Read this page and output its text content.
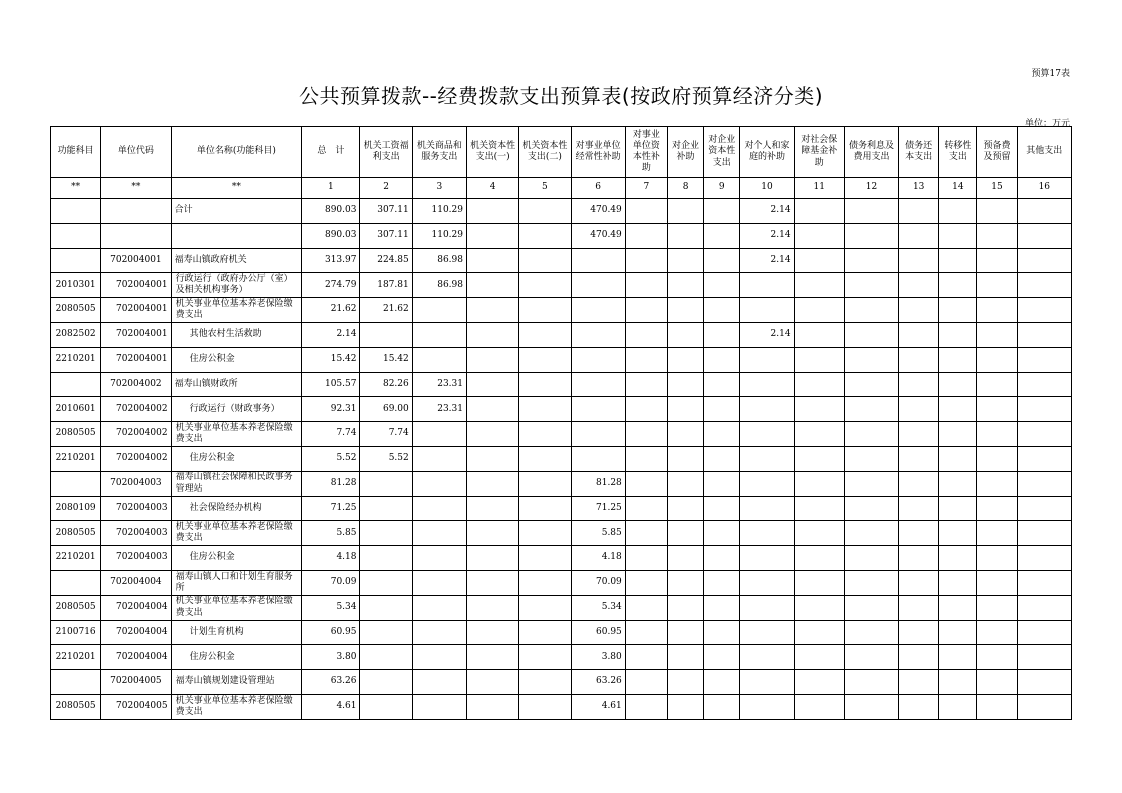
预算17表
公共预算拨款--经费拨款支出预算表(按政府预算经济分类)
单位：万元
功能科目	单位代码	单位名称(功能科目)	总　计	机关工资福利支出	机关商品和服务支出	机关资本性支出(一)	机关资本性支出(二)	对事业单位经常性补助	对事业单位资本性补助	对企业补助	对企业资本性支出	对个人和家庭的补助	对社会保障基金补助	债务利息及费用支出	债务还本支出	转移性支出	预备费及预留	其他支出
**	**	**	1	2	3	4	5	6	7	8	9	10	11	12	13	14	15	16
		合计	890.03	307.11	110.29			470.49				2.14						
			890.03	307.11	110.29			470.49				2.14						
	702004001	福寿山镇政府机关	313.97	224.85	86.98							2.14						
2010301	702004001	行政运行（政府办公厅（室）及相关机构事务）	274.79	187.81	86.98													
2080505	702004001	机关事业单位基本养老保险缴费支出	21.62	21.62														
2082502	702004001	其他农村生活救助	2.14									2.14						
2210201	702004001	住房公积金	15.42	15.42														
	702004002	福寿山镇财政所	105.57	82.26	23.31													
2010601	702004002	行政运行（财政事务）	92.31	69.00	23.31													
2080505	702004002	机关事业单位基本养老保险缴费支出	7.74	7.74														
2210201	702004002	住房公积金	5.52	5.52														
	702004003	福寿山镇社会保障和民政事务管理站	81.28					81.28										
2080109	702004003	社会保险经办机构	71.25					71.25										
2080505	702004003	机关事业单位基本养老保险缴费支出	5.85					5.85										
2210201	702004003	住房公积金	4.18					4.18										
	702004004	福寿山镇人口和计划生育服务所	70.09					70.09										
2080505	702004004	机关事业单位基本养老保险缴费支出	5.34					5.34										
2100716	702004004	计划生育机构	60.95					60.95										
2210201	702004004	住房公积金	3.80					3.80										
	702004005	福寿山镇规划建设管理站	63.26					63.26										
2080505	702004005	机关事业单位基本养老保险缴费支出	4.61					4.61										
